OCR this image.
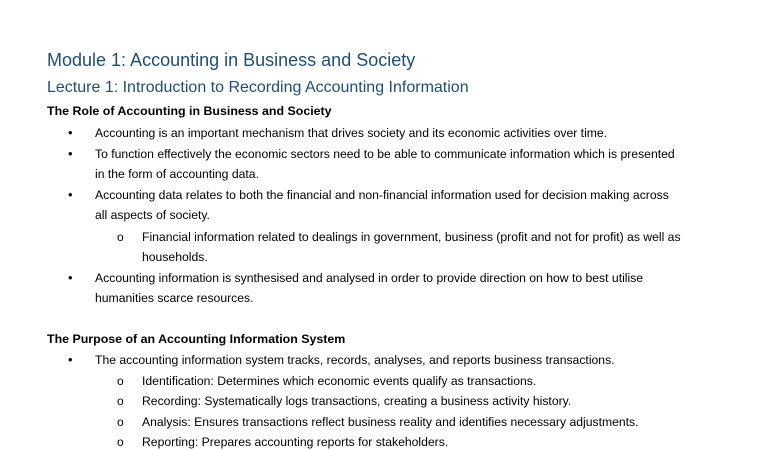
Module 1: Accounting in Business and Society
Lecture 1: Introduction to Recording Accounting Information
The Role of Accounting in Business and Society
• Accounting is an important mechanism that drives society and its economic activities over time.
• To function effectively the economic sectors need to be able to communicate information which is presented
in the form of accounting data.
• Accounting data relates to both the financial and non-financial information used for decision making across
all aspects of society.
o Financial information related to dealings in government, business (profit and not for profit) as well as
households.
• Accounting information is synthesised and analysed in order to provide direction on how to best utilise
humanities scarce resources.
The Purpose of an Accounting Information System
• The accounting information system tracks, records, analyses, and reports business transactions.
o Identification: Determines which economic events qualify as transactions.
o Recording: Systematically logs transactions, creating a business activity history.
o Analysis: Ensures transactions reflect business reality and identifies necessary adjustments.
o Reporting: Prepares accounting reports for stakeholders.
